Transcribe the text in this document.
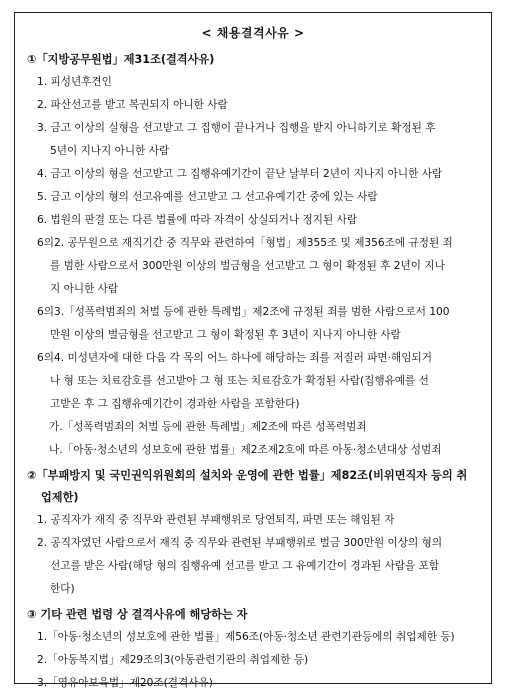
< 채용결격사유 >
①「지방공무원법」제31조(결격사유)
1. 피성년후견인
2. 파산선고를 받고 복권되지 아니한 사람
3. 금고 이상의 실형을 선고받고 그 집행이 끝나거나 집행을 받지 아니하기로 확정된 후
5년이 지나지 아니한 사람
4. 금고 이상의 형을 선고받고 그 집행유예기간이 끝난 날부터 2년이 지나지 아니한 사람
5. 금고 이상의 형의 선고유예를 선고받고 그 선고유예기간 중에 있는 사람
6. 법원의 판결 또는 다른 법률에 따라 자격이 상실되거나 정지된 사람
6의2. 공무원으로 재직기간 중 직무와 관련하여「형법」제355조 및 제356조에 규정된 죄
를 범한 사람으로서 300만원 이상의 벌금형을 선고받고 그 형이 확정된 후 2년이 지나
지 아니한 사람
6의3.「성폭력범죄의 처벌 등에 관한 특례법」제2조에 규정된 죄를 범한 사람으로서 100
만원 이상의 벌금형을 선고받고 그 형이 확정된 후 3년이 지나지 아니한 사람
6의4. 미성년자에 대한 다음 각 목의 어느 하나에 해당하는 죄를 저질러 파면·해임되거
나 형 또는 치료감호를 선고받아 그 형 또는 치료감호가 확정된 사람(집행유예를 선
고받은 후 그 집행유예기간이 경과한 사람을 포함한다)
가.「성폭력범죄의 처벌 등에 관한 특례법」제2조에 따른 성폭력범죄
나.「아동·청소년의 성보호에 관한 법률」제2조제2호에 따른 아동·청소년대상 성범죄
②「부패방지 및 국민권익위원회의 설치와 운영에 관한 법률」제82조(비위면직자 등의 취
업제한)
1. 공직자가 재직 중 직무와 관련된 부패행위로 당연퇴직, 파면 또는 해임된 자
2. 공직자였던 사람으로서 재직 중 직무와 관련된 부패행위로 벌금 300만원 이상의 형의
선고를 받은 사람(해당 형의 집행유예 선고를 받고 그 유예기간이 경과된 사람을 포함
한다)
③ 기타 관련 법령 상 결격사유에 해당하는 자
1.「아동·청소년의 성보호에 관한 법률」제56조(아동·청소년 관련기관등에의 취업제한 등)
2.「아동복지법」제29조의3(아동관련기관의 취업제한 등)
3.「영유아보육법」제20조(결격사유)
